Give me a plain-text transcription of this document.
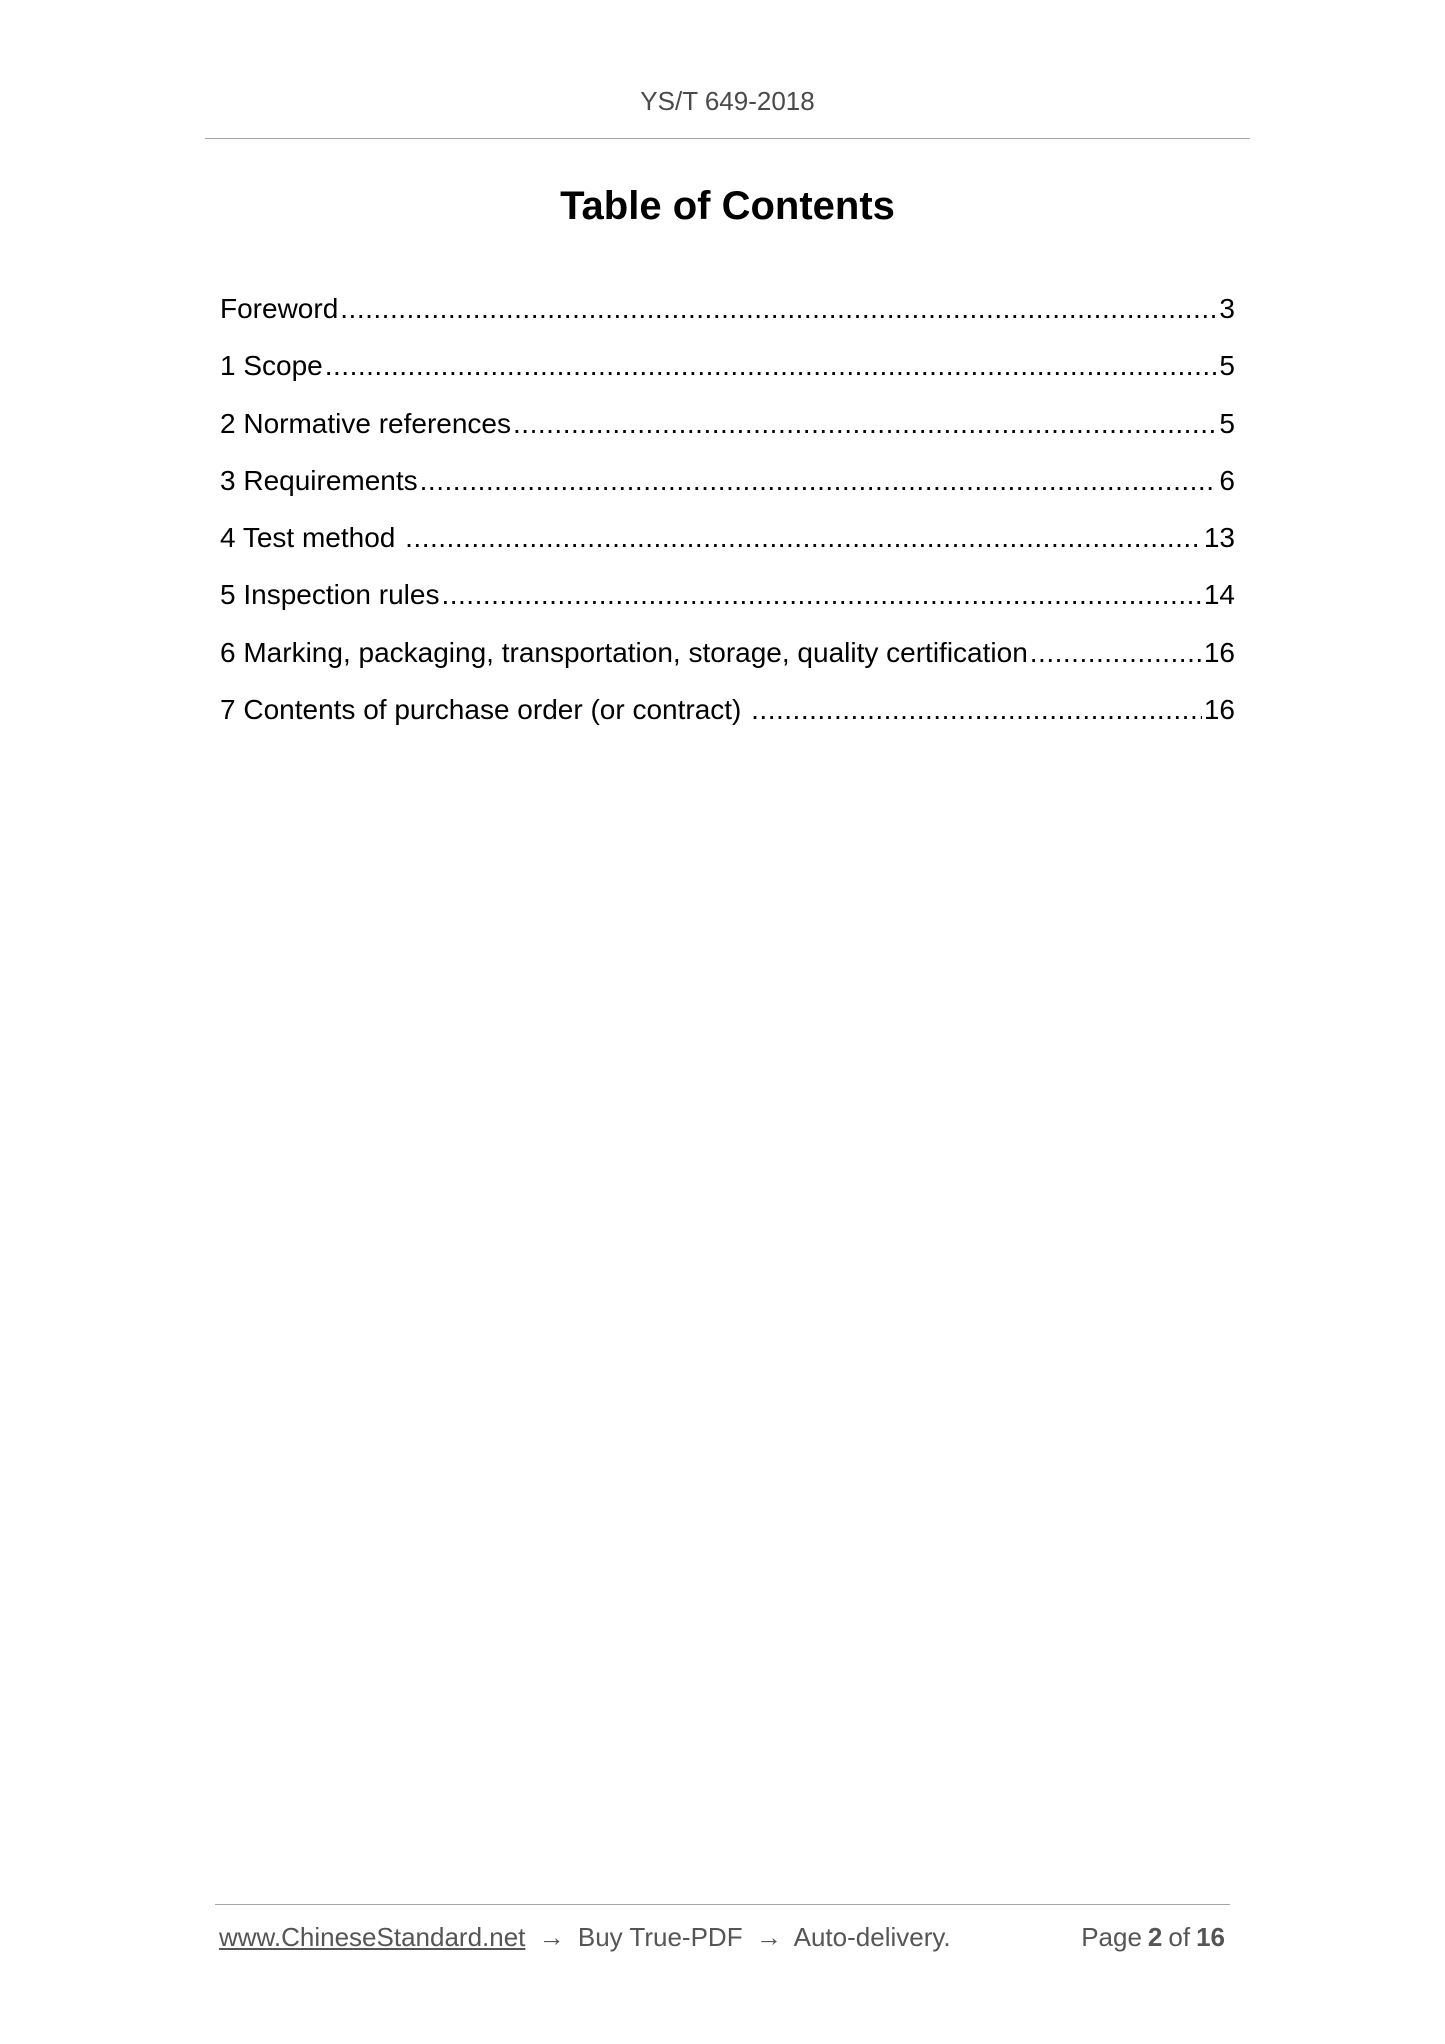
YS/T 649-2018
Table of Contents
Foreword .....	3
1 Scope .....	5
2 Normative references .....	5
3 Requirements .....	6
4 Test method .....	13
5 Inspection rules .....	14
6 Marking, packaging, transportation, storage, quality certification .....	16
7 Contents of purchase order (or contract) .....	16
www.ChineseStandard.net → Buy True-PDF → Auto-delivery.	Page 2 of 16
